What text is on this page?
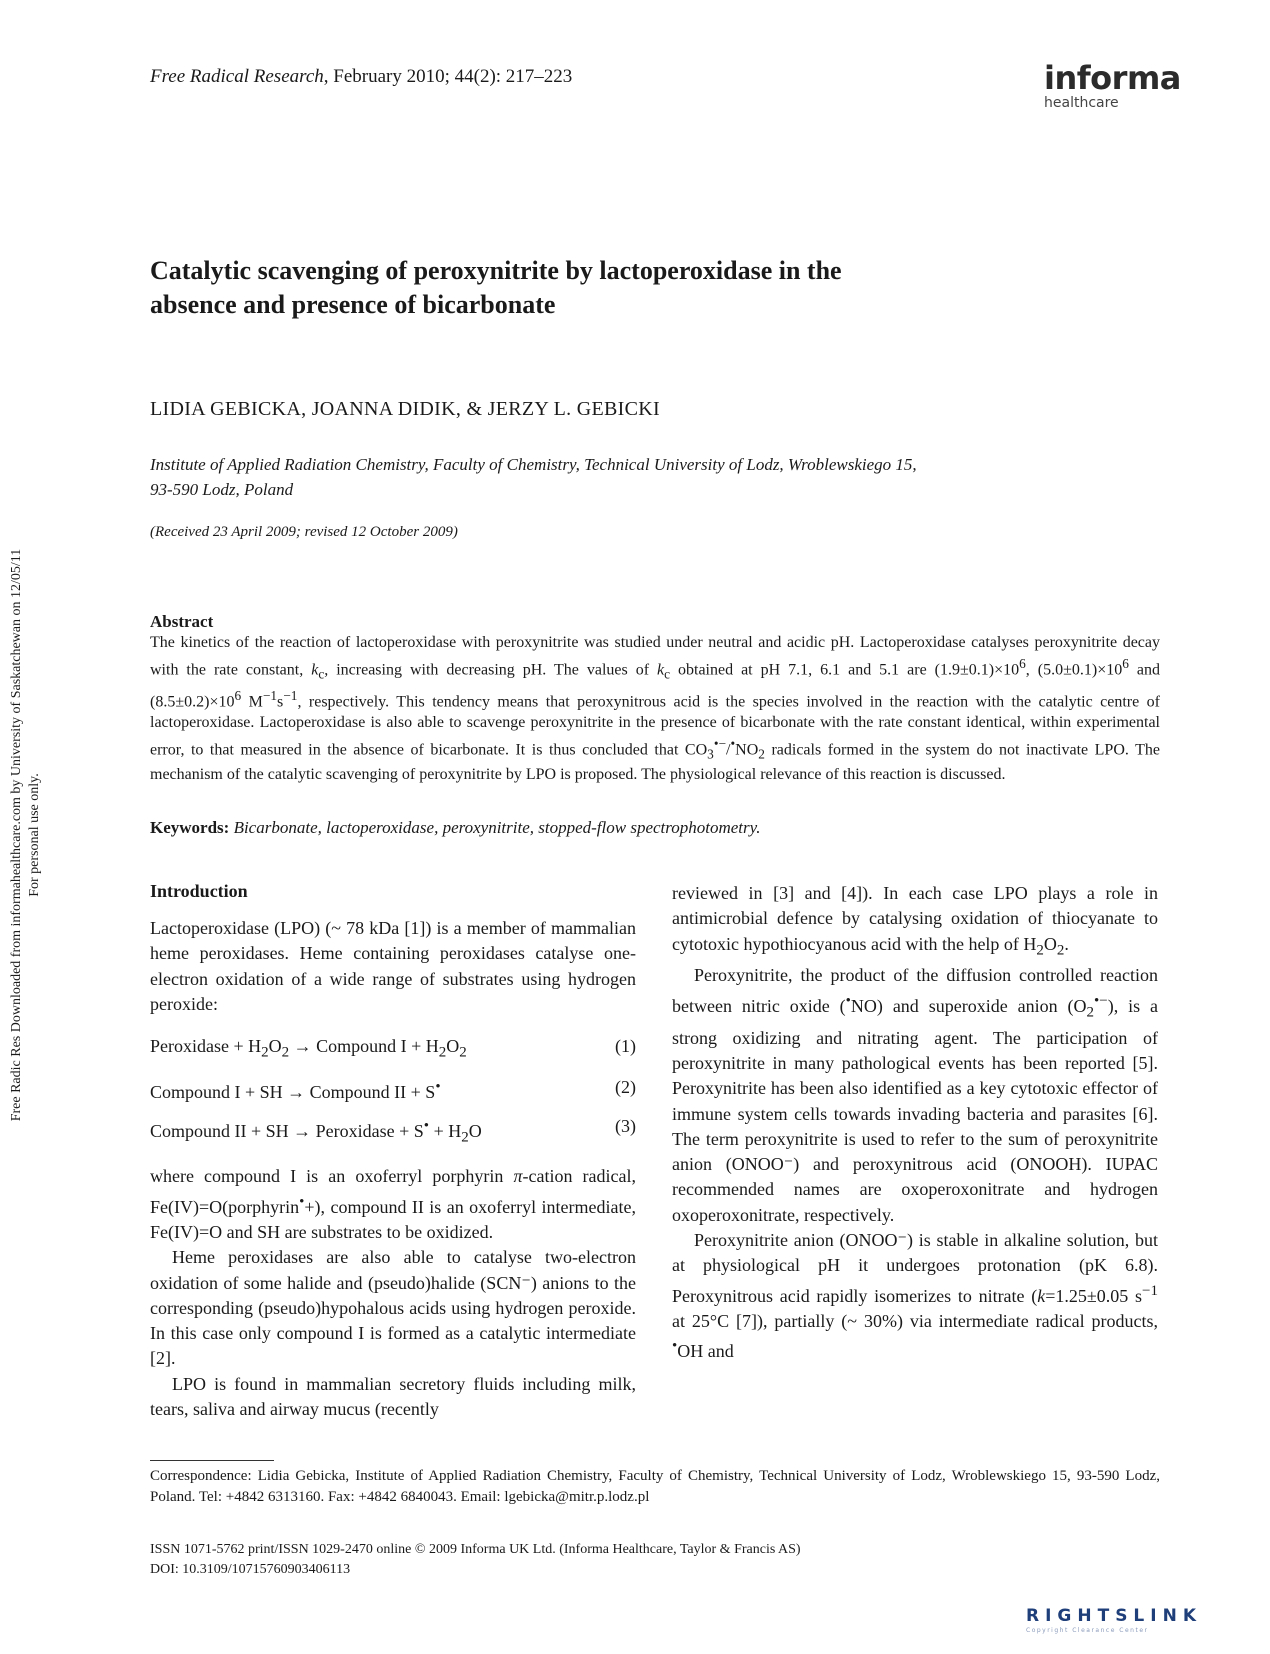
Free Radical Research, February 2010; 44(2): 217–223	informa
healthcare
Free Radic Res Downloaded from informahealthcare.com by University of Saskatchewan on 12/05/11 For personal use only.
Catalytic scavenging of peroxynitrite by lactoperoxidase in the
absence and presence of bicarbonate
LIDIA GEBICKA, JOANNA DIDIK, & JERZY L. GEBICKI
Institute of Applied Radiation Chemistry, Faculty of Chemistry, Technical University of Lodz, Wroblewskiego 15,
93-590 Lodz, Poland
(Received 23 April 2009; revised 12 October 2009)
Abstract
The kinetics of the reaction of lactoperoxidase with peroxynitrite was studied under neutral and acidic pH. Lactoperoxidase catalyses peroxynitrite decay with the rate constant, $k_c$, increasing with decreasing pH. The values of $k_c$ obtained at pH 7.1, 6.1 and 5.1 are $(1.9\pm 0.1)\times 10^6$, $(5.0\pm 0.1)\times 10^6$ and $(8.5\pm 0.2)\times 10^6$ $M^{-1}s^{-1}$, respectively. This tendency means that peroxynitrous acid is the species involved in the reaction with the catalytic centre of lactoperoxidase. Lactoperoxidase is also able to scavenge peroxynitrite in the presence of bicarbonate with the rate constant identical, within experimental error, to that measured in the absence of bicarbonate. It is thus concluded that $CO_3^{•-}/^•NO_2$ radicals formed in the system do not inactivate LPO. The mechanism of the catalytic scavenging of peroxynitrite by LPO is proposed. The physiological relevance of this reaction is discussed.
Keywords: Bicarbonate, lactoperoxidase, peroxynitrite, stopped-flow spectrophotometry.
Introduction

Lactoperoxidase (LPO) (~ 78 kDa [1]) is a member of mammalian heme peroxidases. Heme containing peroxidases catalyse one-electron oxidation of a wide range of substrates using hydrogen peroxide:

Peroxidase + $H_2O_2$ → Compound $I + H_2O_2$	(1)
Compound I + SH → Compound II + S•	(2)
Compound II + SH → Peroxidase + $S^• + H_2O$	(3)

where compound I is an oxoferryl porphyrin π-cation radical, Fe(IV)=O(porphyrin•+), compound II is an oxoferryl intermediate, Fe(IV)=O and SH are substrates to be oxidized.

Heme peroxidases are also able to catalyse two-electron oxidation of some halide and (pseudo)halide (SCN⁻) anions to the corresponding (pseudo)hypohalous acids using hydrogen peroxide. In this case only compound I is formed as a catalytic intermediate [2].

LPO is found in mammalian secretory fluids including milk, tears, saliva and airway mucus (recently

reviewed in [3] and [4]). In each case LPO plays a role in antimicrobial defence by catalysing oxidation of thiocyanate to cytotoxic hypothiocyanous acid with the help of $H_2O_2$.

Peroxynitrite, the product of the diffusion controlled reaction between nitric oxide (•NO) and superoxide anion $(O_2^{•-})$, is a strong oxidizing and nitrating agent. The participation of peroxynitrite in many pathological events has been reported [5]. Peroxynitrite has been also identified as a key cytotoxic effector of immune system cells towards invading bacteria and parasites [6]. The term peroxynitrite is used to refer to the sum of peroxynitrite anion (ONOO⁻) and peroxynitrous acid (ONOOH). IUPAC recommended names are oxoperoxonitrate and hydrogen oxoperoxonitrate, respectively.

Peroxynitrite anion (ONOO⁻) is stable in alkaline solution, but at physiological pH it undergoes protonation (pK 6.8). Peroxynitrous acid rapidly isomerizes to nitrate (k=1.25±0.05 $s^{-1}$ at 25°C [7]), partially (~ 30%) via intermediate radical products, •OH and

Correspondence: Lidia Gebicka, Institute of Applied Radiation Chemistry, Faculty of Chemistry, Technical University of Lodz, Wroblewskiego 15, 93-590 Lodz, Poland. Tel: +4842 6313160. Fax: +4842 6840043. Email: lgebicka@mitr.p.lodz.pl
ISSN 1071-5762 print/ISSN 1029-2470 online © 2009 Informa UK Ltd. (Informa Healthcare, Taylor & Francis AS)
DOI: 10.3109/10715760903406113
RIGHTSLINK
Copyright Clearance Center
